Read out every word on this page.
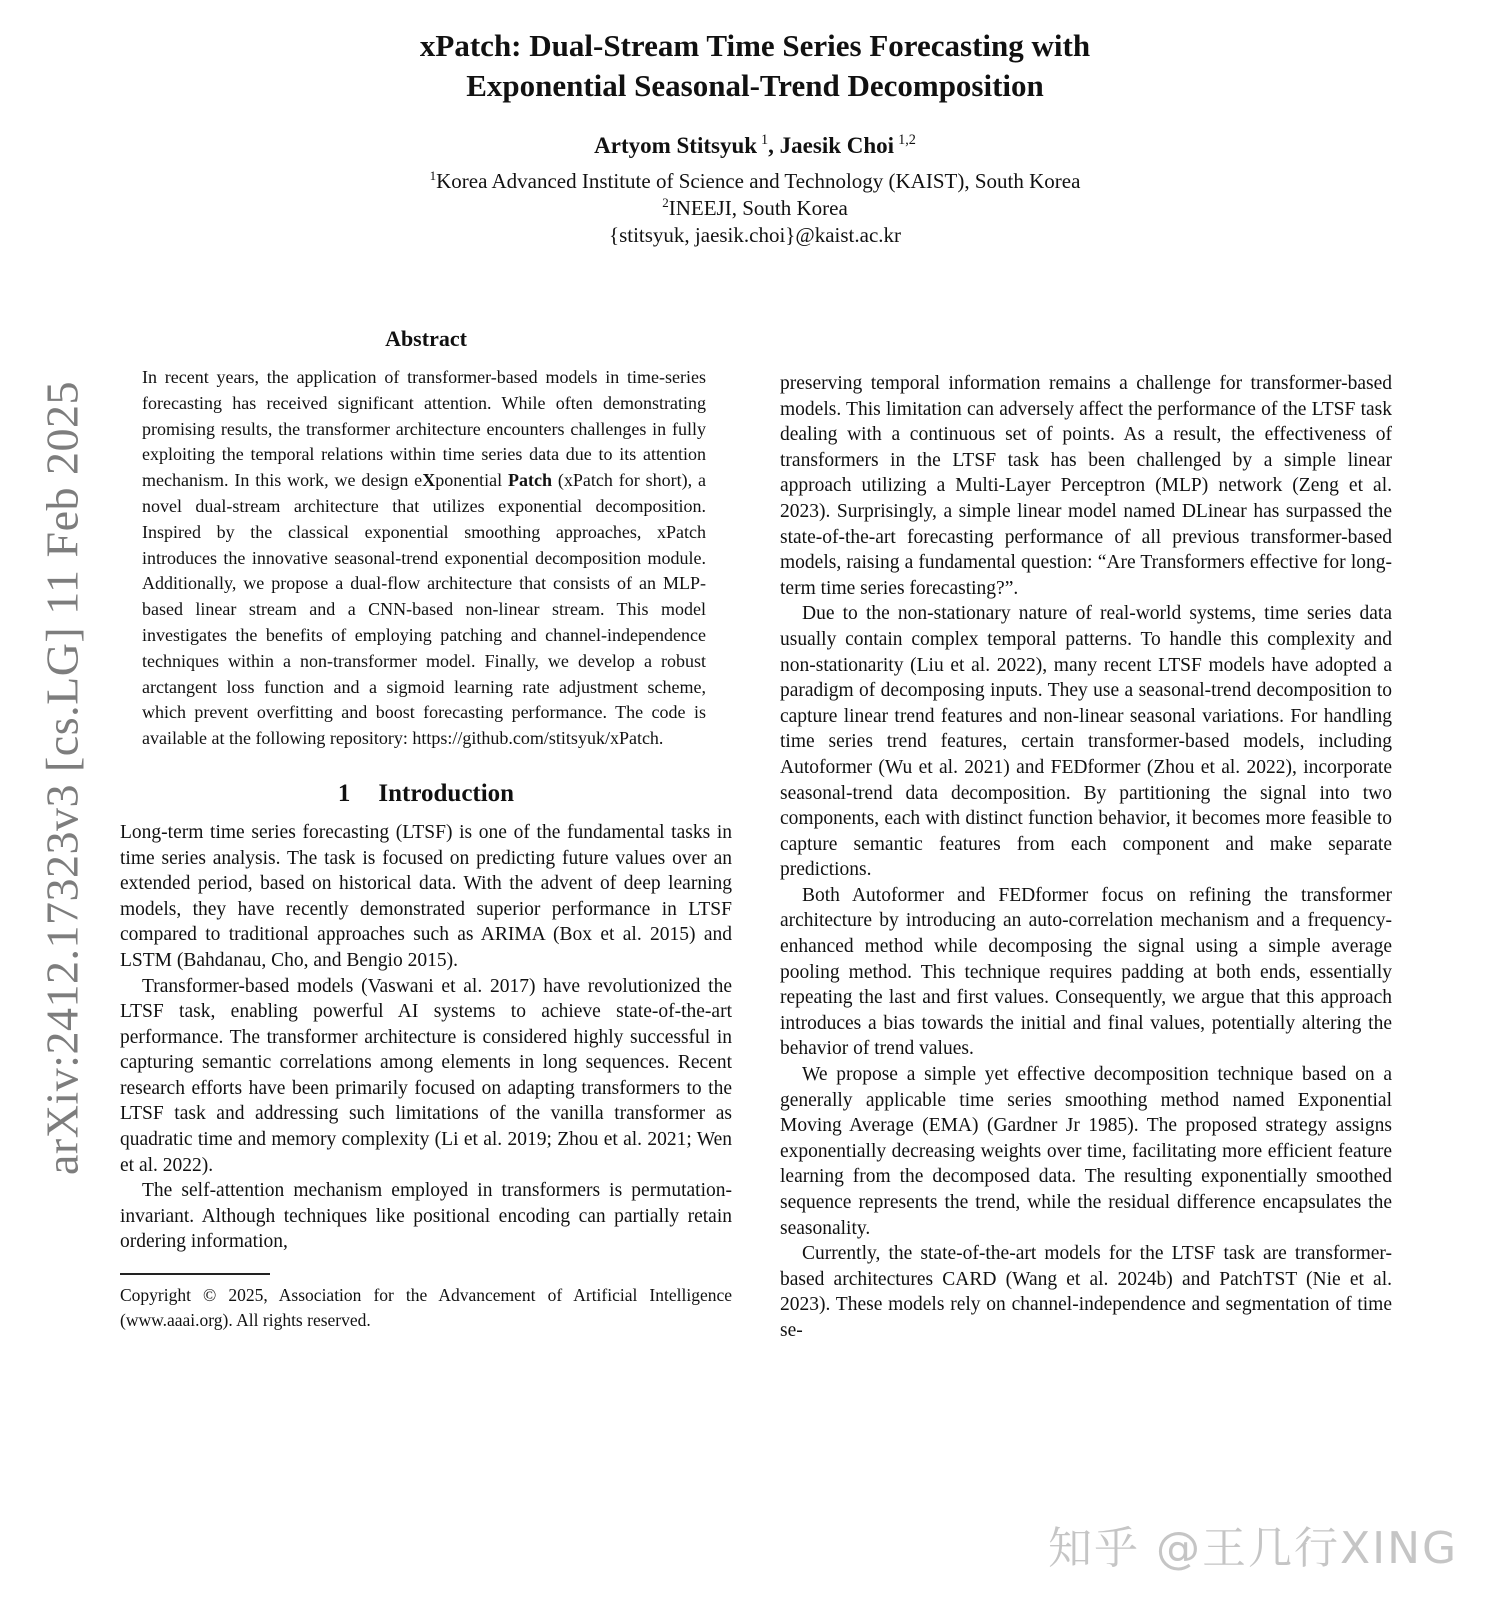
arXiv:2412.17323v3 [cs.LG] 11 Feb 2025
xPatch: Dual-Stream Time Series Forecasting with
Exponential Seasonal-Trend Decomposition
Artyom Stitsyuk $^1$, Jaesik Choi $^{1,2}$

$^1$Korea Advanced Institute of Science and Technology (KAIST), South Korea

$^2$INEEJI, South Korea

{stitsyuk, jaesik.choi}@kaist.ac.kr

Abstract

In recent years, the application of transformer-based models in time-series forecasting has received significant attention. While often demonstrating promising results, the transformer architecture encounters challenges in fully exploiting the temporal relations within time series data due to its attention mechanism. In this work, we design eXponential Patch (xPatch for short), a novel dual-stream architecture that utilizes exponential decomposition. Inspired by the classical exponential smoothing approaches, xPatch introduces the innovative seasonal-trend exponential decomposition module. Additionally, we propose a dual-flow architecture that consists of an MLP-based linear stream and a CNN-based non-linear stream. This model investigates the benefits of employing patching and channel-independence techniques within a non-transformer model. Finally, we develop a robust arctangent loss function and a sigmoid learning rate adjustment scheme, which prevent overfitting and boost forecasting performance. The code is available at the following repository: https://github.com/stitsyuk/xPatch.

1 Introduction

Long-term time series forecasting (LTSF) is one of the fundamental tasks in time series analysis. The task is focused on predicting future values over an extended period, based on historical data. With the advent of deep learning models, they have recently demonstrated superior performance in LTSF compared to traditional approaches such as ARIMA (Box et al. 2015) and LSTM (Bahdanau, Cho, and Bengio 2015).

Transformer-based models (Vaswani et al. 2017) have revolutionized the LTSF task, enabling powerful AI systems to achieve state-of-the-art performance. The transformer architecture is considered highly successful in capturing semantic correlations among elements in long sequences. Recent research efforts have been primarily focused on adapting transformers to the LTSF task and addressing such limitations of the vanilla transformer as quadratic time and memory complexity (Li et al. 2019; Zhou et al. 2021; Wen et al. 2022).

The self-attention mechanism employed in transformers is permutation-invariant. Although techniques like positional encoding can partially retain ordering information,

Copyright © 2025, Association for the Advancement of Artificial Intelligence (www.aaai.org). All rights reserved.

preserving temporal information remains a challenge for transformer-based models. This limitation can adversely affect the performance of the LTSF task dealing with a continuous set of points. As a result, the effectiveness of transformers in the LTSF task has been challenged by a simple linear approach utilizing a Multi-Layer Perceptron (MLP) network (Zeng et al. 2023). Surprisingly, a simple linear model named DLinear has surpassed the state-of-the-art forecasting performance of all previous transformer-based models, raising a fundamental question: “Are Transformers effective for long-term time series forecasting?”.

Due to the non-stationary nature of real-world systems, time series data usually contain complex temporal patterns. To handle this complexity and non-stationarity (Liu et al. 2022), many recent LTSF models have adopted a paradigm of decomposing inputs. They use a seasonal-trend decomposition to capture linear trend features and non-linear seasonal variations. For handling time series trend features, certain transformer-based models, including Autoformer (Wu et al. 2021) and FEDformer (Zhou et al. 2022), incorporate seasonal-trend data decomposition. By partitioning the signal into two components, each with distinct function behavior, it becomes more feasible to capture semantic features from each component and make separate predictions.

Both Autoformer and FEDformer focus on refining the transformer architecture by introducing an auto-correlation mechanism and a frequency-enhanced method while decomposing the signal using a simple average pooling method. This technique requires padding at both ends, essentially repeating the last and first values. Consequently, we argue that this approach introduces a bias towards the initial and final values, potentially altering the behavior of trend values.

We propose a simple yet effective decomposition technique based on a generally applicable time series smoothing method named Exponential Moving Average (EMA) (Gardner Jr 1985). The proposed strategy assigns exponentially decreasing weights over time, facilitating more efficient feature learning from the decomposed data. The resulting exponentially smoothed sequence represents the trend, while the residual difference encapsulates the seasonality.

Currently, the state-of-the-art models for the LTSF task are transformer-based architectures CARD (Wang et al. 2024b) and PatchTST (Nie et al. 2023). These models rely on channel-independence and segmentation of time se-

知乎 @王几行XING
